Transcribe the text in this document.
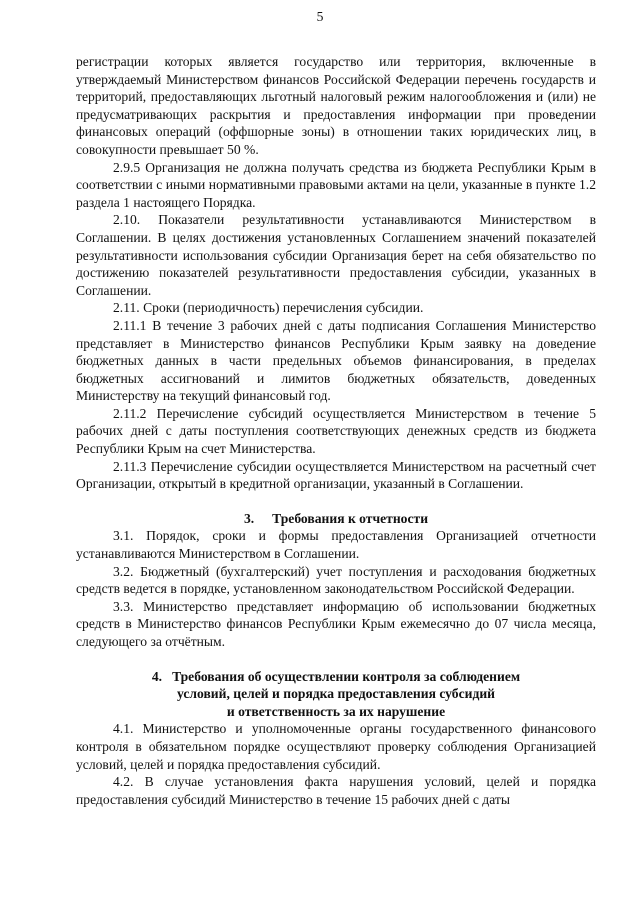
5

регистрации которых является государство или территория, включенные в утверждаемый Министерством финансов Российской Федерации перечень государств и территорий, предоставляющих льготный налоговый режим налогообложения и (или) не предусматривающих раскрытия и предоставления информации при проведении финансовых операций (оффшорные зоны) в отношении таких юридических лиц, в совокупности превышает 50 %.

2.9.5 Организация не должна получать средства из бюджета Республики Крым в соответствии с иными нормативными правовыми актами на цели, указанные в пункте 1.2 раздела 1 настоящего Порядка.

2.10. Показатели результативности устанавливаются Министерством в Соглашении. В целях достижения установленных Соглашением значений показателей результативности использования субсидии Организация берет на себя обязательство по достижению показателей результативности предоставления субсидии, указанных в Соглашении.

2.11. Сроки (периодичность) перечисления субсидии.

2.11.1 В течение 3 рабочих дней с даты подписания Соглашения Министерство представляет в Министерство финансов Республики Крым заявку на доведение бюджетных данных в части предельных объемов финансирования, в пределах бюджетных ассигнований и лимитов бюджетных обязательств, доведенных Министерству на текущий финансовый год.

2.11.2 Перечисление субсидий осуществляется Министерством в течение 5 рабочих дней с даты поступления соответствующих денежных средств из бюджета Республики Крым на счет Министерства.

2.11.3 Перечисление субсидии осуществляется Министерством на расчетный счет Организации, открытый в кредитной организации, указанный в Соглашении.

3. Требования к отчетности

3.1. Порядок, сроки и формы предоставления Организацией отчетности устанавливаются Министерством в Соглашении.

3.2. Бюджетный (бухгалтерский) учет поступления и расходования бюджетных средств ведется в порядке, установленном законодательством Российской Федерации.

3.3. Министерство представляет информацию об использовании бюджетных средств в Министерство финансов Республики Крым ежемесячно до 07 числа месяца, следующего за отчётным.

4. Требования об осуществлении контроля за соблюдением
условий, целей и порядка предоставления субсидий
и ответственность за их нарушение

4.1. Министерство и уполномоченные органы государственного финансового контроля в обязательном порядке осуществляют проверку соблюдения Организацией условий, целей и порядка предоставления субсидий.

4.2. В случае установления факта нарушения условий, целей и порядка предоставления субсидий Министерство в течение 15 рабочих дней с даты
